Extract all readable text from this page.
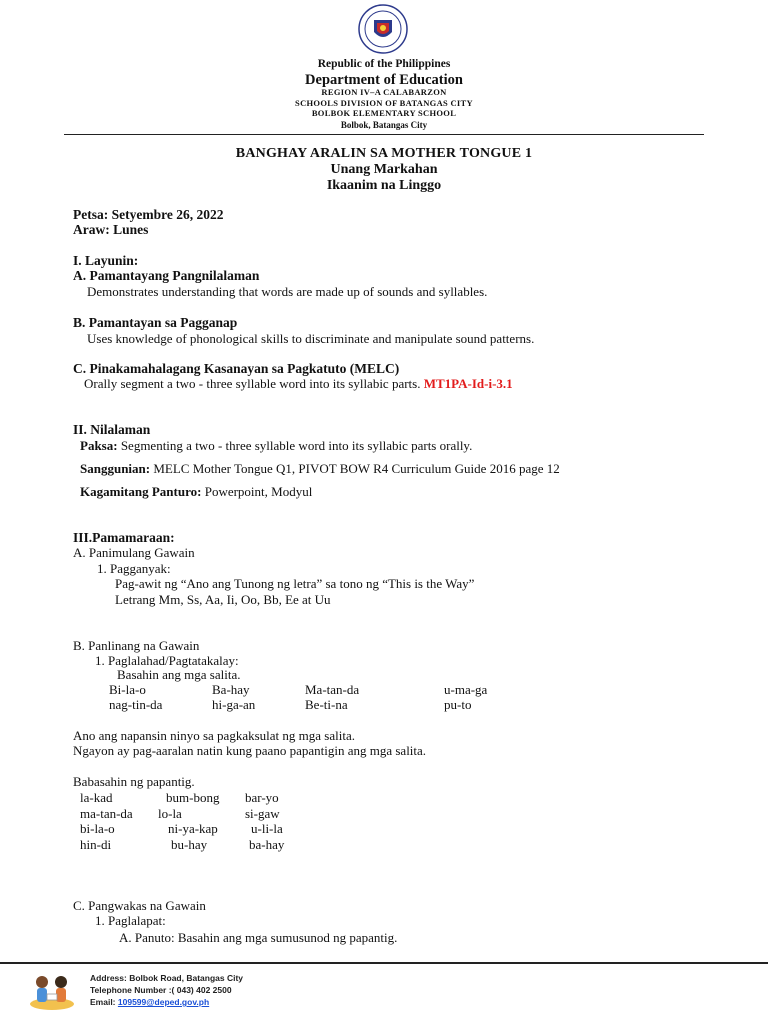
Republic of the Philippines
Department of Education
REGION IV–A CALABARZON
SCHOOLS DIVISION OF BATANGAS CITY
BOLBOK ELEMENTARY SCHOOL
Bolbok, Batangas City
BANGHAY ARALIN SA MOTHER TONGUE 1
Unang Markahan
Ikaanim na Linggo
Petsa: Setyembre 26, 2022
Araw: Lunes
I. Layunin:
A. Pamantayang Pangnilalaman
Demonstrates understanding that words are made up of sounds and syllables.
B. Pamantayan sa Pagganap
Uses knowledge of phonological skills to discriminate and manipulate sound patterns.
C. Pinakamahalagang Kasanayan sa Pagkatuto (MELC)
Orally segment a two - three syllable word into its syllabic parts. MT1PA-Id-i-3.1
II. Nilalaman
Paksa: Segmenting a two - three syllable word into its syllabic parts orally.
Sanggunian: MELC Mother Tongue Q1, PIVOT BOW R4 Curriculum Guide 2016 page 12
Kagamitang Panturo: Powerpoint, Modyul
III.Pamamaraan:
A. Panimulang Gawain
1. Pagganyak:
Pag-awit ng “Ano ang Tunong ng letra” sa tono ng “This is the Way”
Letrang Mm, Ss, Aa, Ii, Oo, Bb, Ee at Uu
B. Panlinang na Gawain
1. Paglalahad/Pagtatakalay:
Basahin ang mga salita.
Bi-la-o	Ba-hay	Ma-tan-da	u-ma-ga
nag-tin-da	hi-ga-an	Be-ti-na	pu-to
Ano ang napansin ninyo sa pagkaksulat ng mga salita.
Ngayon ay pag-aaralan natin kung paano papantigin ang mga salita.
Babasahin ng papantig.
la-kad	bum-bong bar-yo
ma-tan-da lo-la	si-gaw
bi-la-o	ni-ya-kap	u-li-la
hin-di	bu-hay	ba-hay
C. Pangwakas na Gawain
1. Paglalapat:
A. Panuto: Basahin ang mga sumusunod ng papantig.
Address: Bolbok Road, Batangas City
Telephone Number :( 043) 402 2500
Email: 109599@deped.gov.ph
